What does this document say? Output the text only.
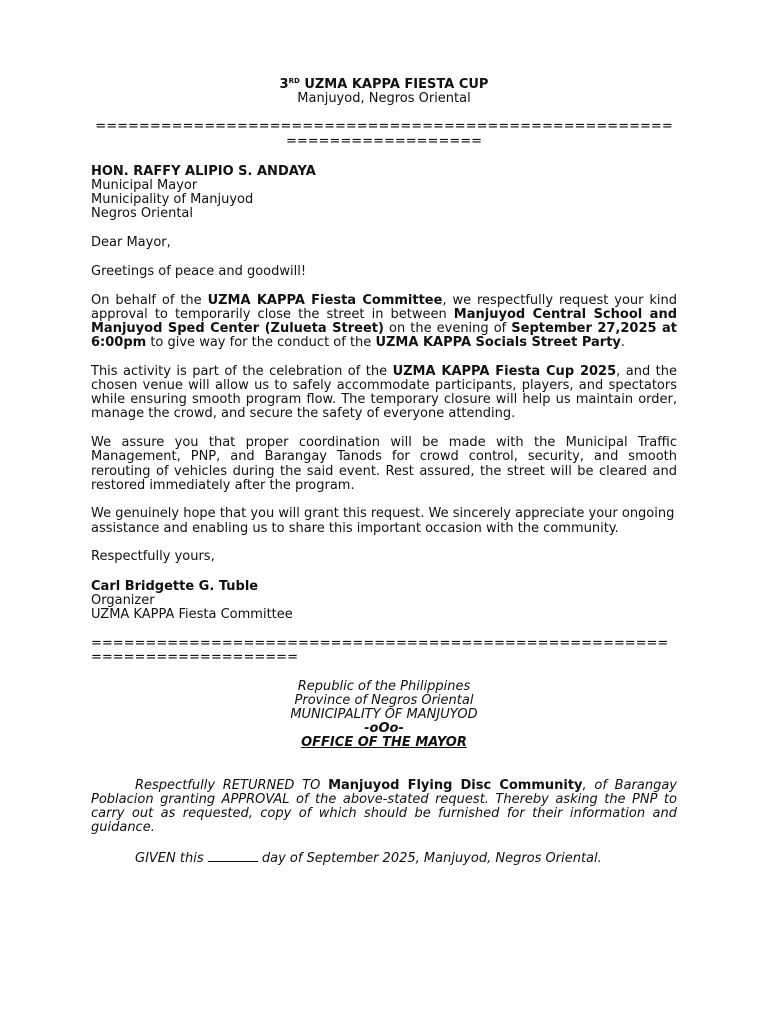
3RD UZMA KAPPA FIESTA CUP
Manjuyod, Negros Oriental
=======================================================================
HON. RAFFY ALIPIO S. ANDAYA
Municipal Mayor
Municipality of Manjuyod
Negros Oriental
Dear Mayor,
Greetings of peace and goodwill!
On behalf of the UZMA KAPPA Fiesta Committee, we respectfully request your kind approval to temporarily close the street in between Manjuyod Central School and Manjuyod Sped Center (Zulueta Street) on the evening of September 27,2025 at 6:00pm to give way for the conduct of the UZMA KAPPA Socials Street Party.
This activity is part of the celebration of the UZMA KAPPA Fiesta Cup 2025, and the chosen venue will allow us to safely accommodate participants, players, and spectators while ensuring smooth program flow. The temporary closure will help us maintain order, manage the crowd, and secure the safety of everyone attending.
We assure you that proper coordination will be made with the Municipal Traffic Management, PNP, and Barangay Tanods for crowd control, security, and smooth rerouting of vehicles during the said event. Rest assured, the street will be cleared and restored immediately after the program.
We genuinely hope that you will grant this request. We sincerely appreciate your ongoing assistance and enabling us to share this important occasion with the community.
Respectfully yours,
Carl Bridgette G. Tuble
Organizer
UZMA KAPPA Fiesta Committee
========================================================================
Republic of the Philippines
Province of Negros Oriental
MUNICIPALITY OF MANJUYOD
-oOo-
OFFICE OF THE MAYOR
Respectfully RETURNED TO Manjuyod Flying Disc Community, of Barangay Poblacion granting APPROVAL of the above-stated request. Thereby asking the PNP to carry out as requested, copy of which should be furnished for their information and guidance.
GIVEN this	day of September 2025, Manjuyod, Negros Oriental.
